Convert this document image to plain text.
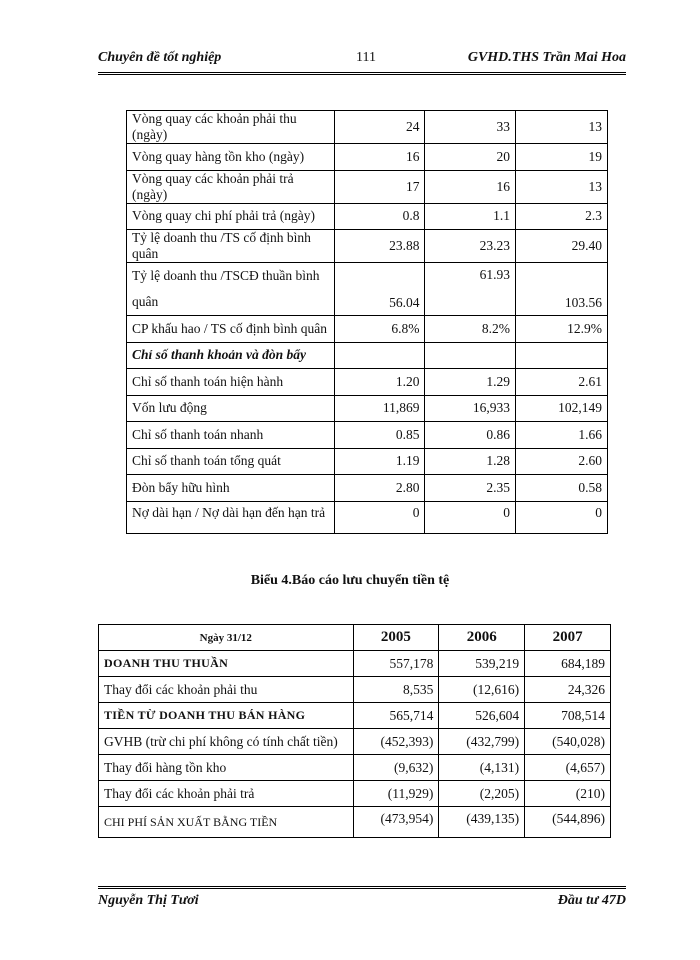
Chuyên đề tốt nghiệp	111	GVHD.THS Trần Mai Hoa
Vòng quay các khoản phải thu (ngày)	24	33	13
Vòng quay hàng tồn kho (ngày)	16	20	19
Vòng quay các khoản phải trả (ngày)	17	16	13
Vòng quay chi phí phải trả (ngày)	0.8	1.1	2.3
Tỷ lệ doanh thu /TS cố định bình quân	23.88	23.23	29.40

Tỷ lệ doanh thu /TSCĐ thuần bình
quân	56.04	61.93	103.56
CP khấu hao / TS cố định bình quân	6.8%	8.2%	12.9%
Chỉ số thanh khoản và đòn bẩy			
Chỉ số thanh toán hiện hành	1.20	1.29	2.61
Vốn lưu động	11,869	16,933	102,149
Chỉ số thanh toán nhanh	0.85	0.86	1.66
Chỉ số thanh toán tổng quát	1.19	1.28	2.60
Đòn bẩy hữu hình	2.80	2.35	0.58
Nợ dài hạn / Nợ dài hạn đến hạn trả	0	0	0
Biểu 4.Báo cáo lưu chuyển tiền tệ
Ngày 31/12	2005	2006	2007
DOANH THU THUẦN	557,178	539,219	684,189
Thay đổi các khoản phải thu	8,535	(12,616)	24,326
TIỀN TỪ DOANH THU BÁN HÀNG	565,714	526,604	708,514
GVHB (trừ chi phí không có tính chất tiền)	(452,393)	(432,799)	(540,028)
Thay đổi hàng tồn kho	(9,632)	(4,131)	(4,657)
Thay đổi các khoản phải trả	(11,929)	(2,205)	(210)
CHI PHÍ SẢN XUẤT BẰNG TIỀN	(473,954)	(439,135)	(544,896)
Nguyễn Thị Tươi	Đầu tư 47D
